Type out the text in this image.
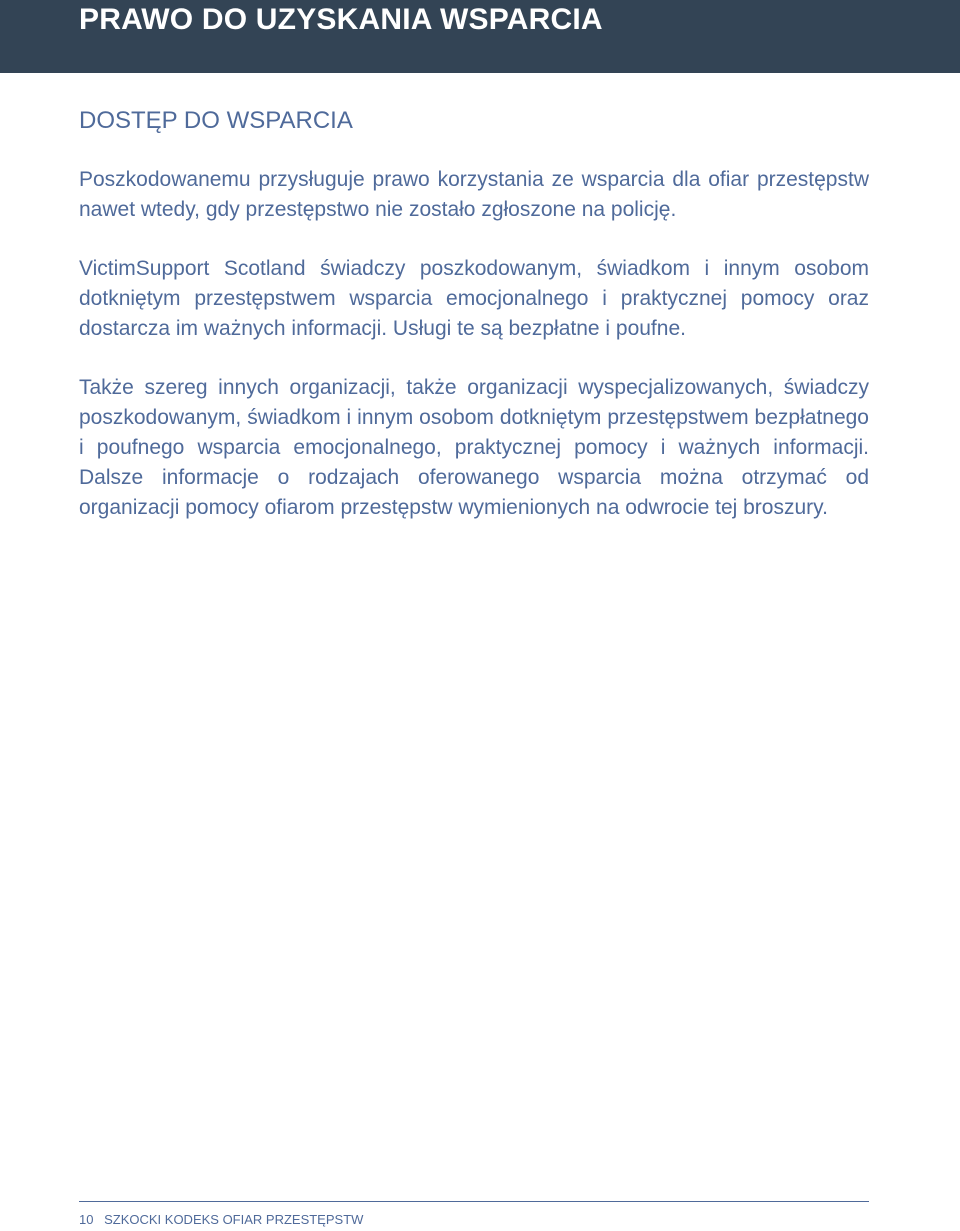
PRAWO DO UZYSKANIA WSPARCIA
DOSTĘP DO WSPARCIA

Poszkodowanemu przysługuje prawo korzystania ze wsparcia dla ofiar przestępstw nawet wtedy, gdy przestępstwo nie zostało zgłoszone na policję.

VictimSupport Scotland świadczy poszkodowanym, świadkom i innym osobom dotkniętym przestępstwem wsparcia emocjonalnego i praktycznej pomocy oraz dostarcza im ważnych informacji. Usługi te są bezpłatne i poufne.

Także szereg innych organizacji, także organizacji wyspecjalizowanych, świadczy poszkodowanym, świadkom i innym osobom dotkniętym przestępstwem bezpłatnego i poufnego wsparcia emocjonalnego, praktycznej pomocy i ważnych informacji. Dalsze informacje o rodzajach oferowanego wsparcia można otrzymać od organizacji pomocy ofiarom przestępstw wymienionych na odwrocie tej broszury.

10 SZKOCKI KODEKS OFIAR PRZESTĘPSTW
